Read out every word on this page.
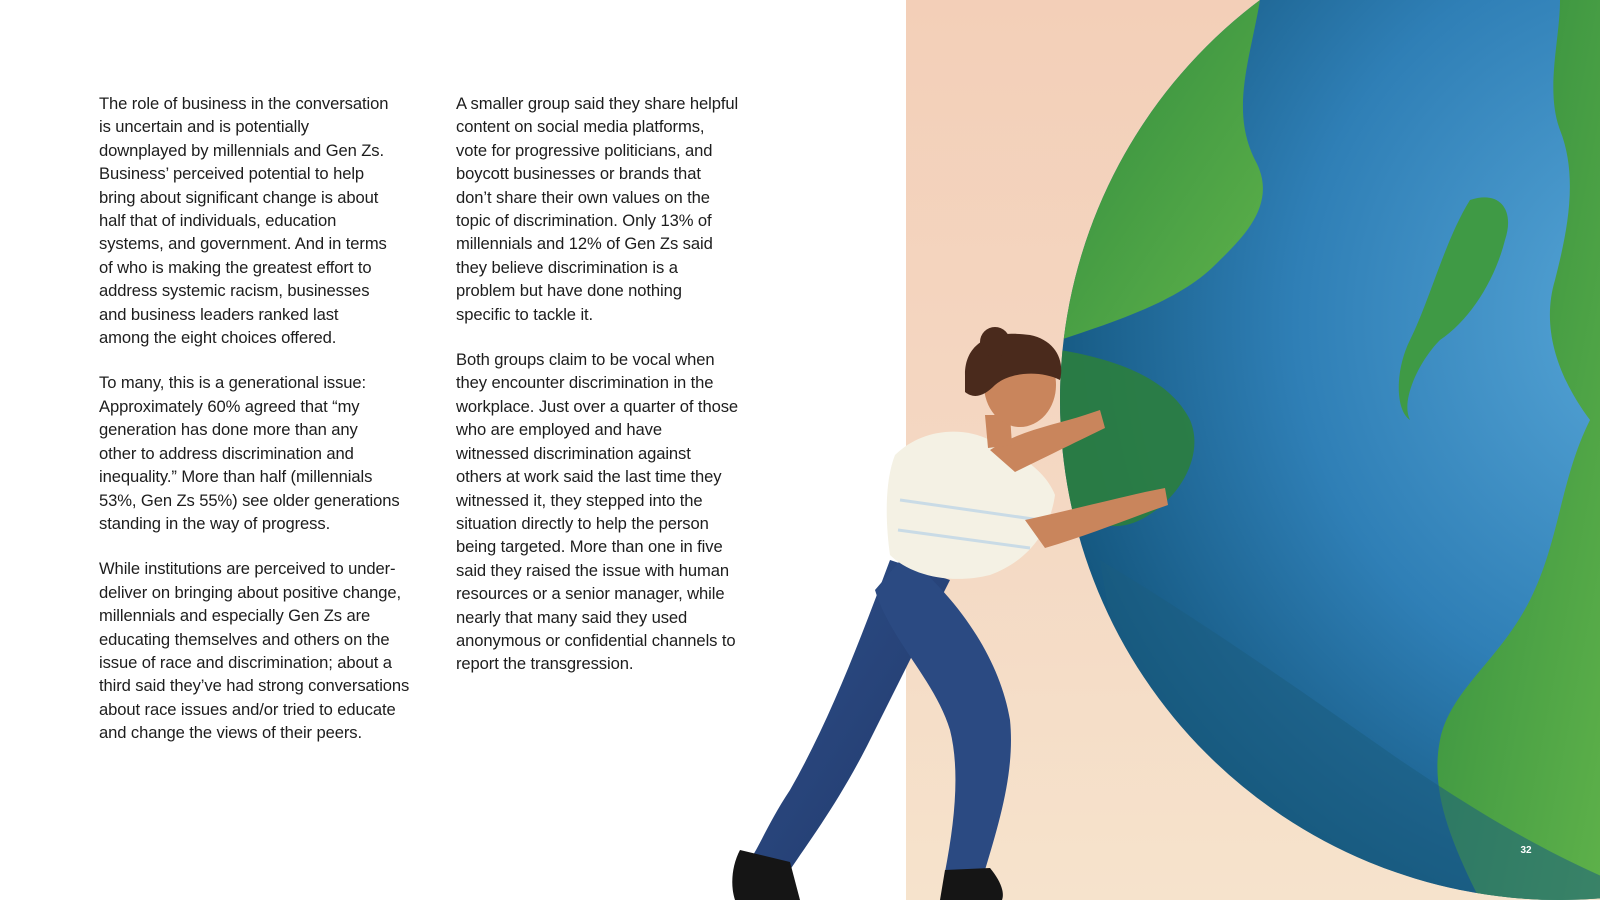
The role of business in the conversation
is uncertain and is potentially
downplayed by millennials and Gen Zs.
Business’ perceived potential to help
bring about significant change is about
half that of individuals, education
systems, and government. And in terms
of who is making the greatest effort to
address systemic racism, businesses
and business leaders ranked last
among the eight choices offered.

To many, this is a generational issue:
Approximately 60% agreed that “my
generation has done more than any
other to address discrimination and
inequality.” More than half (millennials
53%, Gen Zs 55%) see older generations
standing in the way of progress.

While institutions are perceived to under-
deliver on bringing about positive change,
millennials and especially Gen Zs are
educating themselves and others on the
issue of race and discrimination; about a
third said they’ve had strong conversations
about race issues and/or tried to educate
and change the views of their peers.

A smaller group said they share helpful
content on social media platforms,
vote for progressive politicians, and
boycott businesses or brands that
don’t share their own values on the
topic of discrimination. Only 13% of
millennials and 12% of Gen Zs said
they believe discrimination is a
problem but have done nothing
specific to tackle it.

Both groups claim to be vocal when
they encounter discrimination in the
workplace. Just over a quarter of those
who are employed and have
witnessed discrimination against
others at work said the last time they
witnessed it, they stepped into the
situation directly to help the person
being targeted. More than one in five
said they raised the issue with human
resources or a senior manager, while
nearly that many said they used
anonymous or confidential channels to
report the transgression.

32
